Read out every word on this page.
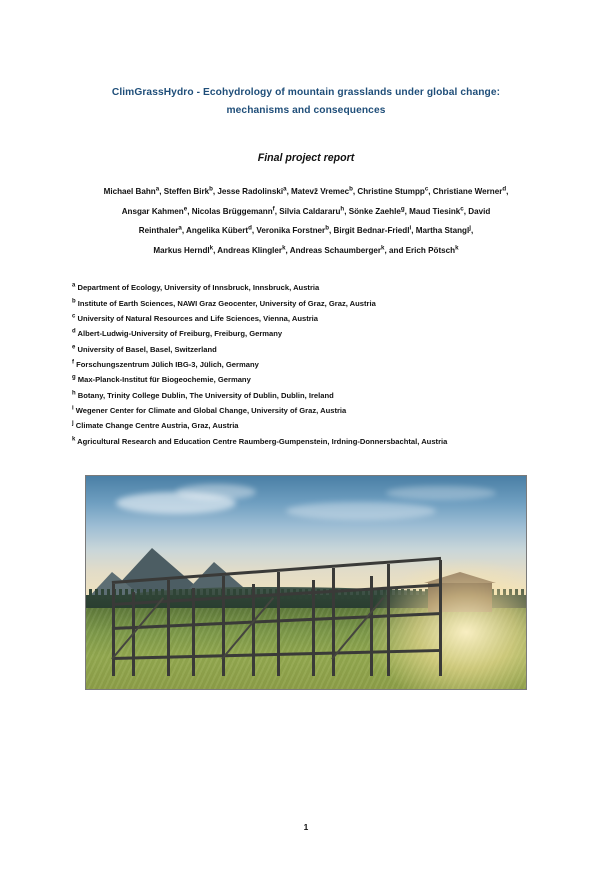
ClimGrassHydro - Ecohydrology of mountain grasslands under global change:
mechanisms and consequences
Final project report
Michael Bahn$^a$, Steffen Birk$^b$, Jesse Radolinski$^a$, Matevž Vremec$^b$, Christine Stumpp$^c$, Christiane Werner$^d$,
Ansgar Kahmen$^e$, Nicolas Brüggemann$^f$, Silvia Caldararu$^h$, Sönke Zaehle$^g$, Maud Tiesink$^c$, David
Reinthaler$^a$, Angelika Kübert$^d$, Veronika Forstner$^b$, Birgit Bednar-Friedl$^i$, Martha Stangl$^j$,
Markus Herndl$^k$, Andreas Klingler$^k$, Andreas Schaumberger$^k$, and Erich Pötsch$^k$
$^a$ Department of Ecology, University of Innsbruck, Innsbruck, Austria
$^b$ Institute of Earth Sciences, NAWI Graz Geocenter, University of Graz, Graz, Austria
$^c$ University of Natural Resources and Life Sciences, Vienna, Austria
$^d$ Albert-Ludwig-University of Freiburg, Freiburg, Germany
$^e$ University of Basel, Basel, Switzerland
$^f$ Forschungszentrum Jülich IBG-3, Jülich, Germany
$^g$ Max-Planck-Institut für Biogeochemie, Germany
$^h$ Botany, Trinity College Dublin, The University of Dublin, Dublin, Ireland
$^i$ Wegener Center for Climate and Global Change, University of Graz, Austria
$^j$ Climate Change Centre Austria, Graz, Austria
$^k$ Agricultural Research and Education Centre Raumberg-Gumpenstein, Irdning-Donnersbachtal, Austria
1
